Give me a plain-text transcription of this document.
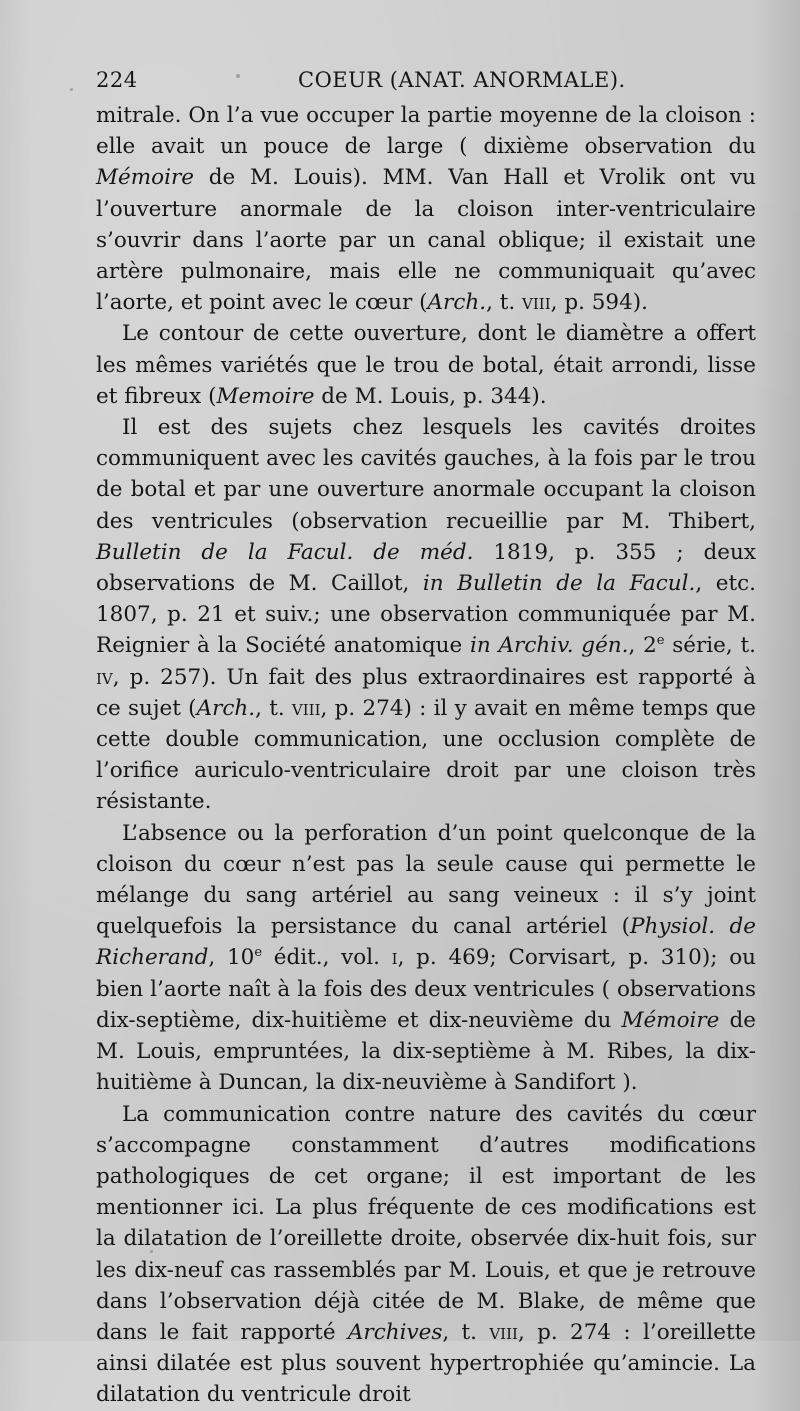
224	COEUR (ANAT. ANORMALE).

mitrale. On l’a vue occuper la partie moyenne de la cloison : elle avait un pouce de large ( dixième observation du Mémoire de M. Louis). MM. Van Hall et Vrolik ont vu l’ouverture anormale de la cloison inter-ventriculaire s’ouvrir dans l’aorte par un canal oblique; il existait une artère pulmonaire, mais elle ne communiquait qu’avec l’aorte, et point avec le cœur (Arch., t. viii, p. 594).

Le contour de cette ouverture, dont le diamètre a offert les mêmes variétés que le trou de botal, était arrondi, lisse et fibreux (Memoire de M. Louis, p. 344).

Il est des sujets chez lesquels les cavités droites communiquent avec les cavités gauches, à la fois par le trou de botal et par une ouverture anormale occupant la cloison des ventricules (observation recueillie par M. Thibert, Bulletin de la Facul. de méd. 1819, p. 355 ; deux observations de M. Caillot, in Bulletin de la Facul., etc. 1807, p. 21 et suiv.; une observation communiquée par M. Reignier à la Société anatomique in Archiv. gén., 2e série, t. iv, p. 257). Un fait des plus extraordinaires est rapporté à ce sujet (Arch., t. viii, p. 274) : il y avait en même temps que cette double communication, une occlusion complète de l’orifice auriculo-ventriculaire droit par une cloison très résistante.

L’absence ou la perforation d’un point quelconque de la cloison du cœur n’est pas la seule cause qui permette le mélange du sang artériel au sang veineux : il s’y joint quelquefois la persistance du canal artériel (Physiol. de Richerand, 10e édit., vol. i, p. 469; Corvisart, p. 310); ou bien l’aorte naît à la fois des deux ventricules ( observations dix-septième, dix-huitième et dix-neuvième du Mémoire de M. Louis, empruntées, la dix-septième à M. Ribes, la dix-huitième à Duncan, la dix-neuvième à Sandifort ).

La communication contre nature des cavités du cœur s’accompagne constamment d’autres modifications pathologiques de cet organe; il est important de les mentionner ici. La plus fréquente de ces modifications est la dilatation de l’oreillette droite, observée dix-huit fois, sur les dix-neuf cas rassemblés par M. Louis, et que je retrouve dans l’observation déjà citée de M. Blake, de même que dans le fait rapporté Archives, t. viii, p. 274 : l’oreillette ainsi dilatée est plus souvent hypertrophiée qu’amincie. La dilatation du ventricule droit
